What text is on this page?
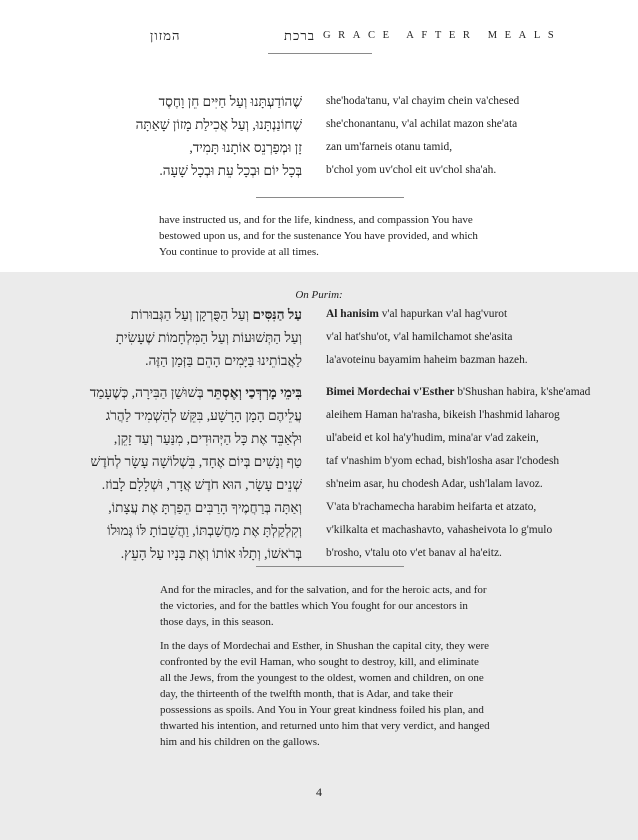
ברכת המזון GRACE AFTER MEALS
שֶׁהוֹדַעְתָּנוּ וְעַל חַיִּים חֵן וָחֶסֶד
שֶׁחוֹנַנְתָּנוּ, וְעַל אֲכִילַת מָזוֹן שָׁאַתָּה
זָן וּמְפַרְנֵס אוֹתָנוּ תָּמִיד,
בְּכָל יוֹם וּבְכָל עֵת וּבְכָל שָׁעָה.
she'hoda'tanu, v'al chayim chein va'chesed
she'chonantanu, v'al achilat mazon she'ata
zan um'farneis otanu tamid,
b'chol yom uv'chol eit uv'chol sha'ah.

have instructed us, and for the life, kindness, and compassion You have bestowed upon us, and for the sustenance You have provided, and which You continue to provide at all times.

On Purim:
עַל הַנִּסִּים וְעַל הַפֻּרְקָן וְעַל הַגְּבוּרוֹת
וְעַל הַתְּשׁוּעוֹת וְעַל הַמִּלְחָמוֹת שֶׁעָשִׂיתָ
לַאֲבוֹתֵינוּ בַּיָּמִים הָהֵם בַּזְּמַן הַזֶּה.
Al hanisim v'al hapurkan v'al hag'vurot
v'al hat'shu'ot, v'al hamilchamot she'asita
la'avoteinu bayamim haheim bazman hazeh.
בִּימֵי מָרְדְּכַי וְאֶסְתֵּר בְּשׁוּשַׁן הַבִּירָה, כְּשֶׁעָמַד
עֲלֵיהֶם הָמָן הָרָשָׁע, בִּקֵּשׁ לְהַשְׁמִיד לַהֲרֹג
וּלְאַבֵּד אֶת כָּל הַיְּהוּדִים, מִנַּעַר וְעַד זָקֵן,
טַף וְנָשִׁים בְּיוֹם אֶחָד, בִּשְׁלוֹשָׁה עָשָׂר לְחֹדֶשׁ
שְׁנֵים עָשָׂר, הוּא חֹדֶשׁ אֲדָר, וּשְׁלָלָם לָבוֹז.
וְאַתָּה בְּרַחֲמֶיךָ הָרַבִּים הֵפַרְתָּ אֶת עֲצָתוֹ,
וְקִלְקַלְתָּ אֶת מַחֲשַׁבְתּוֹ, וַהֲשֵׁבוֹתָ לּוֹ גְּמוּלוֹ
בְּרֹאשׁוֹ, וְתָלוּ אוֹתוֹ וְאֶת בָּנָיו עַל הָעֵץ.
Bimei Mordechai v'Esther b'Shushan habira, k'she'amad
aleihem Haman ha'rasha, bikeish l'hashmid laharog
ul'abeid et kol ha'y'hudim, mina'ar v'ad zakein,
taf v'nashim b'yom echad, bish'losha asar l'chodesh
sh'neim asar, hu chodesh Adar, ush'lalam lavoz.
V'ata b'rachamecha harabim heifarta et atzato,
v'kilkalta et machashavto, vahasheivota lo g'mulo
b'rosho, v'talu oto v'et banav al ha'eitz.

And for the miracles, and for the salvation, and for the heroic acts, and for the victories, and for the battles which You fought for our ancestors in those days, in this season.

In the days of Mordechai and Esther, in Shushan the capital city, they were confronted by the evil Haman, who sought to destroy, kill, and eliminate all the Jews, from the youngest to the oldest, women and children, on one day, the thirteenth of the twelfth month, that is Adar, and take their possessions as spoils. And You in Your great kindness foiled his plan, and thwarted his intention, and returned unto him that very verdict, and hanged him and his children on the gallows.

4
